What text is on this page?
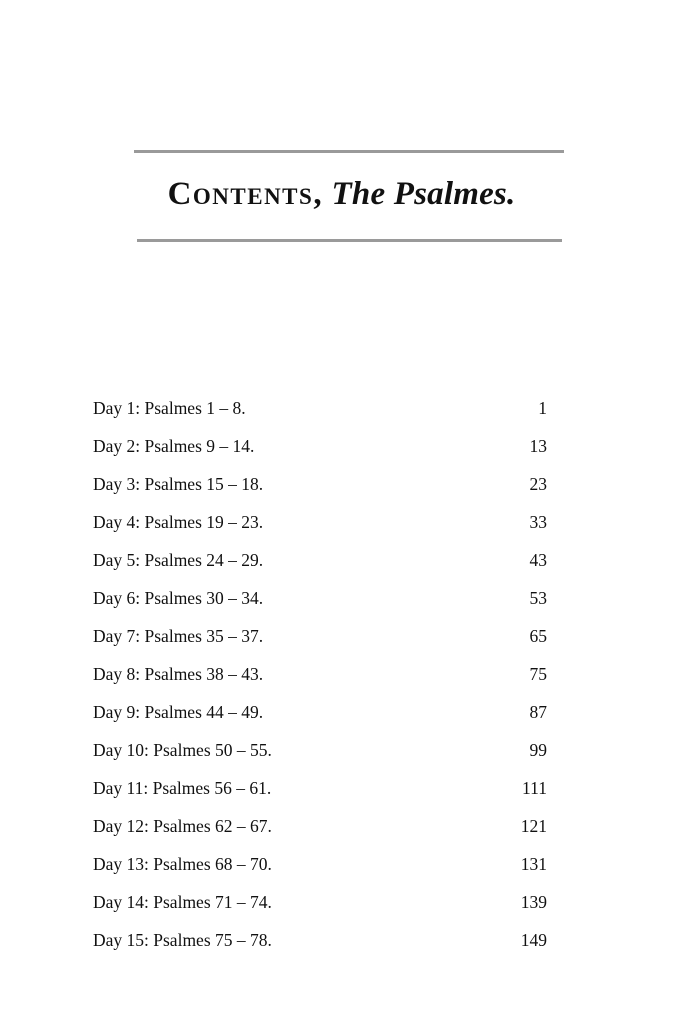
Contents, The Psalmes.
Day 1: Psalmes 1 – 8.	1
Day 2: Psalmes 9 – 14.	13
Day 3: Psalmes 15 – 18.	23
Day 4: Psalmes 19 – 23.	33
Day 5: Psalmes 24 – 29.	43
Day 6: Psalmes 30 – 34.	53
Day 7: Psalmes 35 – 37.	65
Day 8: Psalmes 38 – 43.	75
Day 9: Psalmes 44 – 49.	87
Day 10: Psalmes 50 – 55.	99
Day 11: Psalmes 56 – 61.	111
Day 12: Psalmes 62 – 67.	121
Day 13: Psalmes 68 – 70.	131
Day 14: Psalmes 71 – 74.	139
Day 15: Psalmes 75 – 78.	149
